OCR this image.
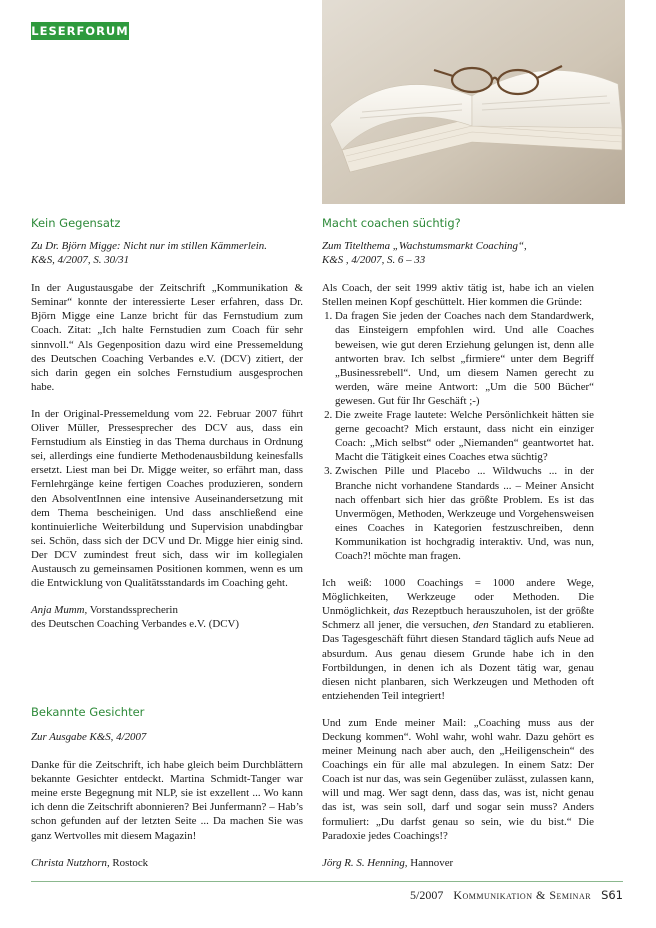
LESERFORUM
Kein Gegensatz

Zu Dr. Björn Migge: Nicht nur im stillen Kämmerlein.

K&S, 4/2007, S. 30/31

In der Augustausgabe der Zeitschrift „Kommunikation & Seminar“ konnte der interessierte Leser erfahren, dass Dr. Björn Migge eine Lanze bricht für das Fernstudium zum Coach. Zitat: „Ich halte Fernstudien zum Coach für sehr sinnvoll.“ Als Gegenposition dazu wird eine Pressemeldung des Deutschen Coaching Verbandes e.V. (DCV) zitiert, der sich darin gegen ein solches Fernstudium ausgesprochen habe.

In der Original-Pressemeldung vom 22. Februar 2007 führt Oliver Müller, Pressesprecher des DCV aus, dass ein Fernstudium als Einstieg in das Thema durchaus in Ordnung sei, allerdings eine fundierte Methodenausbildung keinesfalls ersetzt. Liest man bei Dr. Migge weiter, so erfährt man, dass Fernlehrgänge keine fertigen Coaches produzieren, sondern den AbsolventInnen eine intensive Auseinandersetzung mit dem Thema bescheinigen. Und dass anschließend eine kontinuierliche Weiterbildung und Supervision unabdingbar sei. Schön, dass sich der DCV und Dr. Migge hier einig sind. Der DCV zumindest freut sich, dass wir im kollegialen Austausch zu gemeinsamen Positionen kommen, wenn es um die Entwicklung von Qualitätsstandards im Coaching geht.

Anja Mumm, Vorstandssprecherin

des Deutschen Coaching Verbandes e.V. (DCV)

Bekannte Gesichter

Zur Ausgabe K&S, 4/2007

Danke für die Zeitschrift, ich habe gleich beim Durchblättern bekannte Gesichter entdeckt. Martina Schmidt-Tanger war meine erste Begegnung mit NLP, sie ist exzellent ... Wo kann ich denn die Zeitschrift abonnieren? Bei Junfermann? – Hab’s schon gefunden auf der letzten Seite ... Da machen Sie was ganz Wertvolles mit diesem Magazin!

Christa Nutzhorn, Rostock

Macht coachen süchtig?

Zum Titelthema „Wachstumsmarkt Coaching“,

K&S , 4/2007, S. 6 – 33

Als Coach, der seit 1999 aktiv tätig ist, habe ich an vielen Stellen meinen Kopf geschüttelt. Hier kommen die Gründe:

1. Da fragen Sie jeden der Coaches nach dem Standardwerk, das Einsteigern empfohlen wird. Und alle Coaches beweisen, wie gut deren Erziehung gelungen ist, denn alle antworten brav. Ich selbst „firmiere“ unter dem Begriff „Businessrebell“. Und, um diesem Namen gerecht zu werden, wäre meine Antwort: „Um die 500 Bücher“ gewesen. Gut für Ihr Geschäft ;-)
2. Die zweite Frage lautete: Welche Persönlichkeit hätten sie gerne gecoacht? Mich erstaunt, dass nicht ein einziger Coach: „Mich selbst“ oder „Niemanden“ geantwortet hat. Macht die Tätigkeit eines Coaches etwa süchtig?
3. Zwischen Pille und Placebo ... Wildwuchs ... in der Branche nicht vorhandene Standards ... – Meiner Ansicht nach offenbart sich hier das größte Problem. Es ist das Unvermögen, Methoden, Werkzeuge und Vorgehensweisen eines Coaches in Kategorien festzuschreiben, denn Kommunikation ist hochgradig interaktiv. Und, was nun, Coach?! möchte man fragen.

Ich weiß: 1000 Coachings = 1000 andere Wege, Möglichkeiten, Werkzeuge oder Methoden. Die Unmöglichkeit, das Rezeptbuch herauszuholen, ist der größte Schmerz all jener, die versuchen, den Standard zu etablieren. Das Tagesgeschäft führt diesen Standard täglich aufs Neue ad absurdum. Aus genau diesem Grunde habe ich in den Fortbildungen, in denen ich als Dozent tätig war, genau diesen nicht planbaren, sich Werkzeugen und Methoden oft entziehenden Teil integriert!

Und zum Ende meiner Mail: „Coaching muss aus der Deckung kommen“. Wohl wahr, wohl wahr. Dazu gehört es meiner Meinung nach aber auch, den „Heiligenschein“ des Coachings ein für alle mal abzulegen. In einem Satz: Der Coach ist nur das, was sein Gegenüber zulässt, zulassen kann, will und mag. Wer sagt denn, dass das, was ist, nicht genau das ist, was sein soll, darf und sogar sein muss? Anders formuliert: „Du darfst genau so sein, wie du bist.“ Die Paradoxie jedes Coachings!?

Jörg R. S. Henning, Hannover

5/2007 Kommunikation & Seminar S61
